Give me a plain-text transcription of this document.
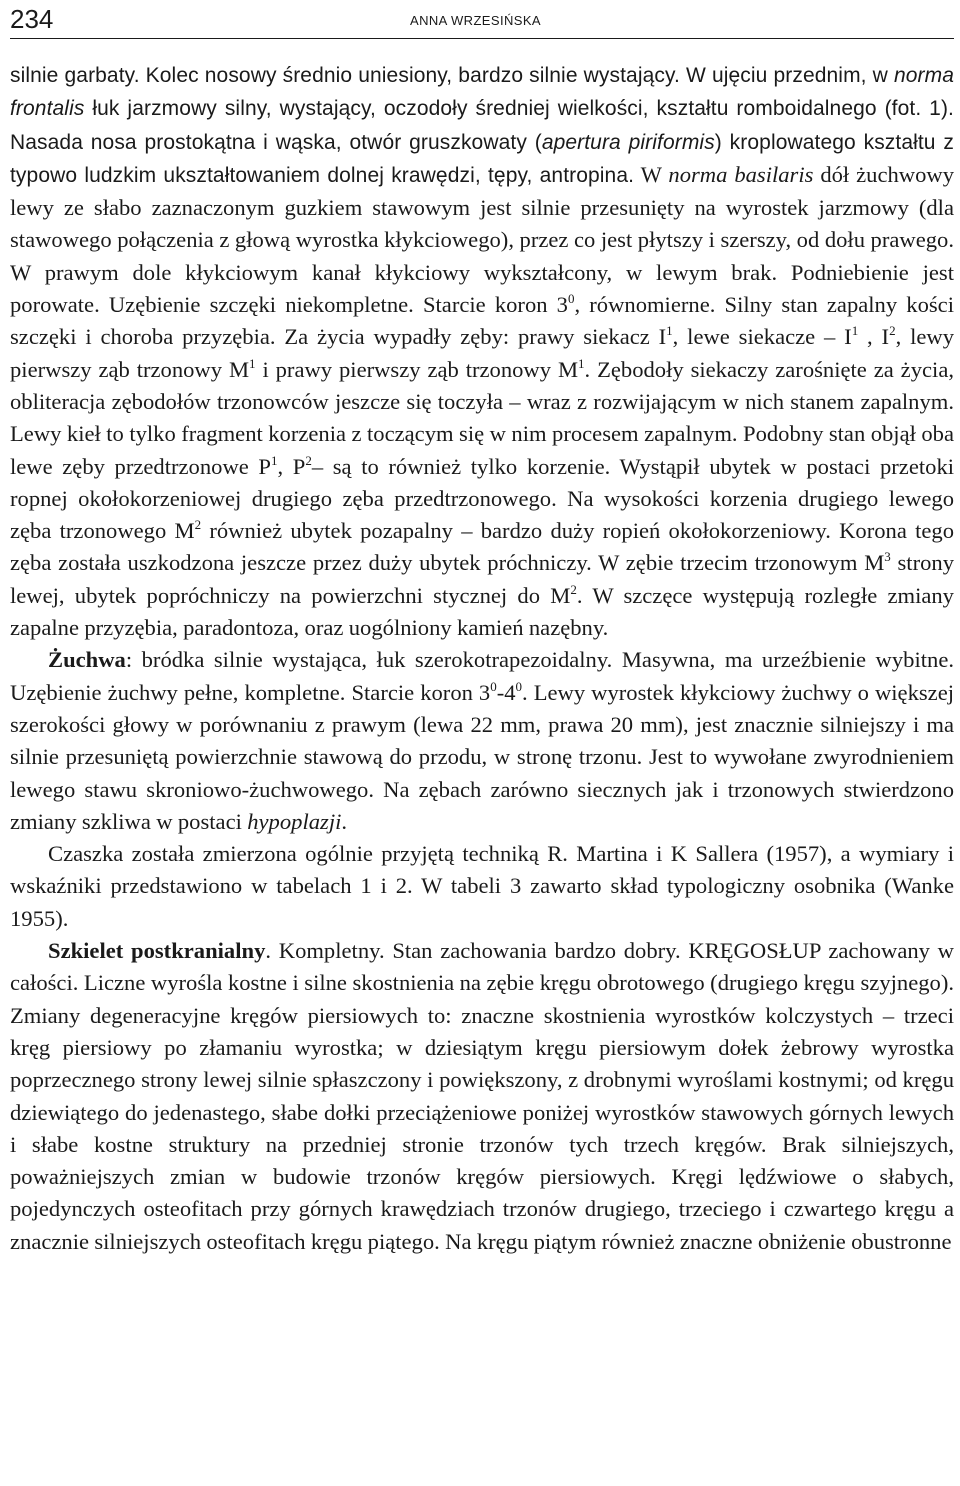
234	ANNA WRZESIŃSKA

silnie garbaty. Kolec nosowy średnio uniesiony, bardzo silnie wystający. W ujęciu przednim, w norma frontalis łuk jarzmowy silny, wystający, oczodoły średniej wielkości, kształtu romboidalnego (fot. 1). Nasada nosa prostokątna i wąska, otwór gruszkowaty (apertura piriformis) kroplowatego kształtu z typowo ludzkim ukształtowaniem dolnej krawędzi, tępy, antropina. W norma basilaris dół żuchwowy lewy ze słabo zaznaczonym guzkiem stawowym jest silnie przesunięty na wyrostek jarzmowy (dla stawowego połączenia z głową wyrostka kłykciowego), przez co jest płytszy i szerszy, od dołu prawego. W prawym dole kłykciowym kanał kłykciowy wykształcony, w lewym brak. Podniebienie jest porowate. Uzębienie szczęki niekompletne. Starcie koron $3^0$, równomierne. Silny stan zapalny kości szczęki i choroba przyzębia. Za życia wypadły zęby: prawy siekacz $I^1$, lewe siekacze – $I^1$ , $I^2$, lewy pierwszy ząb trzonowy $M^1$ i prawy pierwszy ząb trzonowy $M^1$. Zębodoły siekaczy zarośnięte za życia, obliteracja zębodołów trzonowców jeszcze się toczyła – wraz z rozwijającym w nich stanem zapalnym. Lewy kieł to tylko fragment korzenia z toczącym się w nim procesem zapalnym. Podobny stan objął oba lewe zęby przedtrzonowe $P^1$, $P^2-$ są to również tylko korzenie. Wystąpił ubytek w postaci przetoki ropnej okołokorzeniowej drugiego zęba przedtrzonowego. Na wysokości korzenia drugiego lewego zęba trzonowego $M^2$ również ubytek pozapalny – bardzo duży ropień okołokorzeniowy. Korona tego zęba została uszkodzona jeszcze przez duży ubytek próchniczy. W zębie trzecim trzonowym $M^3$ strony lewej, ubytek popróchniczy na powierzchni stycznej do $M^2$. W szczęce występują rozległe zmiany zapalne przyzębia, paradontoza, oraz uogólniony kamień nazębny.

Żuchwa: bródka silnie wystająca, łuk szerokotrapezoidalny. Masywna, ma urzeźbienie wybitne. Uzębienie żuchwy pełne, kompletne. Starcie koron $3^0-4^0$. Lewy wyrostek kłykciowy żuchwy o większej szerokości głowy w porównaniu z prawym (lewa 22 mm, prawa 20 mm), jest znacznie silniejszy i ma silnie przesuniętą powierzchnie stawową do przodu, w stronę trzonu. Jest to wywołane zwyrodnieniem lewego stawu skroniowo-żuchwowego. Na zębach zarówno siecznych jak i trzonowych stwierdzono zmiany szkliwa w postaci hypoplazji.

Czaszka została zmierzona ogólnie przyjętą techniką R. Martina i K Sallera (1957), a wymiary i wskaźniki przedstawiono w tabelach 1 i 2. W tabeli 3 zawarto skład typologiczny osobnika (Wanke 1955).

Szkielet postkranialny. Kompletny. Stan zachowania bardzo dobry. KRĘGOSŁUP zachowany w całości. Liczne wyrośla kostne i silne skostnienia na zębie kręgu obrotowego (drugiego kręgu szyjnego). Zmiany degeneracyjne kręgów piersiowych to: znaczne skostnienia wyrostków kolczystych – trzeci kręg piersiowy po złamaniu wyrostka; w dziesiątym kręgu piersiowym dołek żebrowy wyrostka poprzecznego strony lewej silnie spłaszczony i powiększony, z drobnymi wyroślami kostnymi; od kręgu dziewiątego do jedenastego, słabe dołki przeciążeniowe poniżej wyrostków stawowych górnych lewych i słabe kostne struktury na przedniej stronie trzonów tych trzech kręgów. Brak silniejszych, poważniejszych zmian w budowie trzonów kręgów piersiowych. Kręgi lędźwiowe o słabych, pojedynczych osteofitach przy górnych krawędziach trzonów drugiego, trzeciego i czwartego kręgu a znacznie silniejszych osteofitach kręgu piątego. Na kręgu piątym również znaczne obniżenie obustronne
